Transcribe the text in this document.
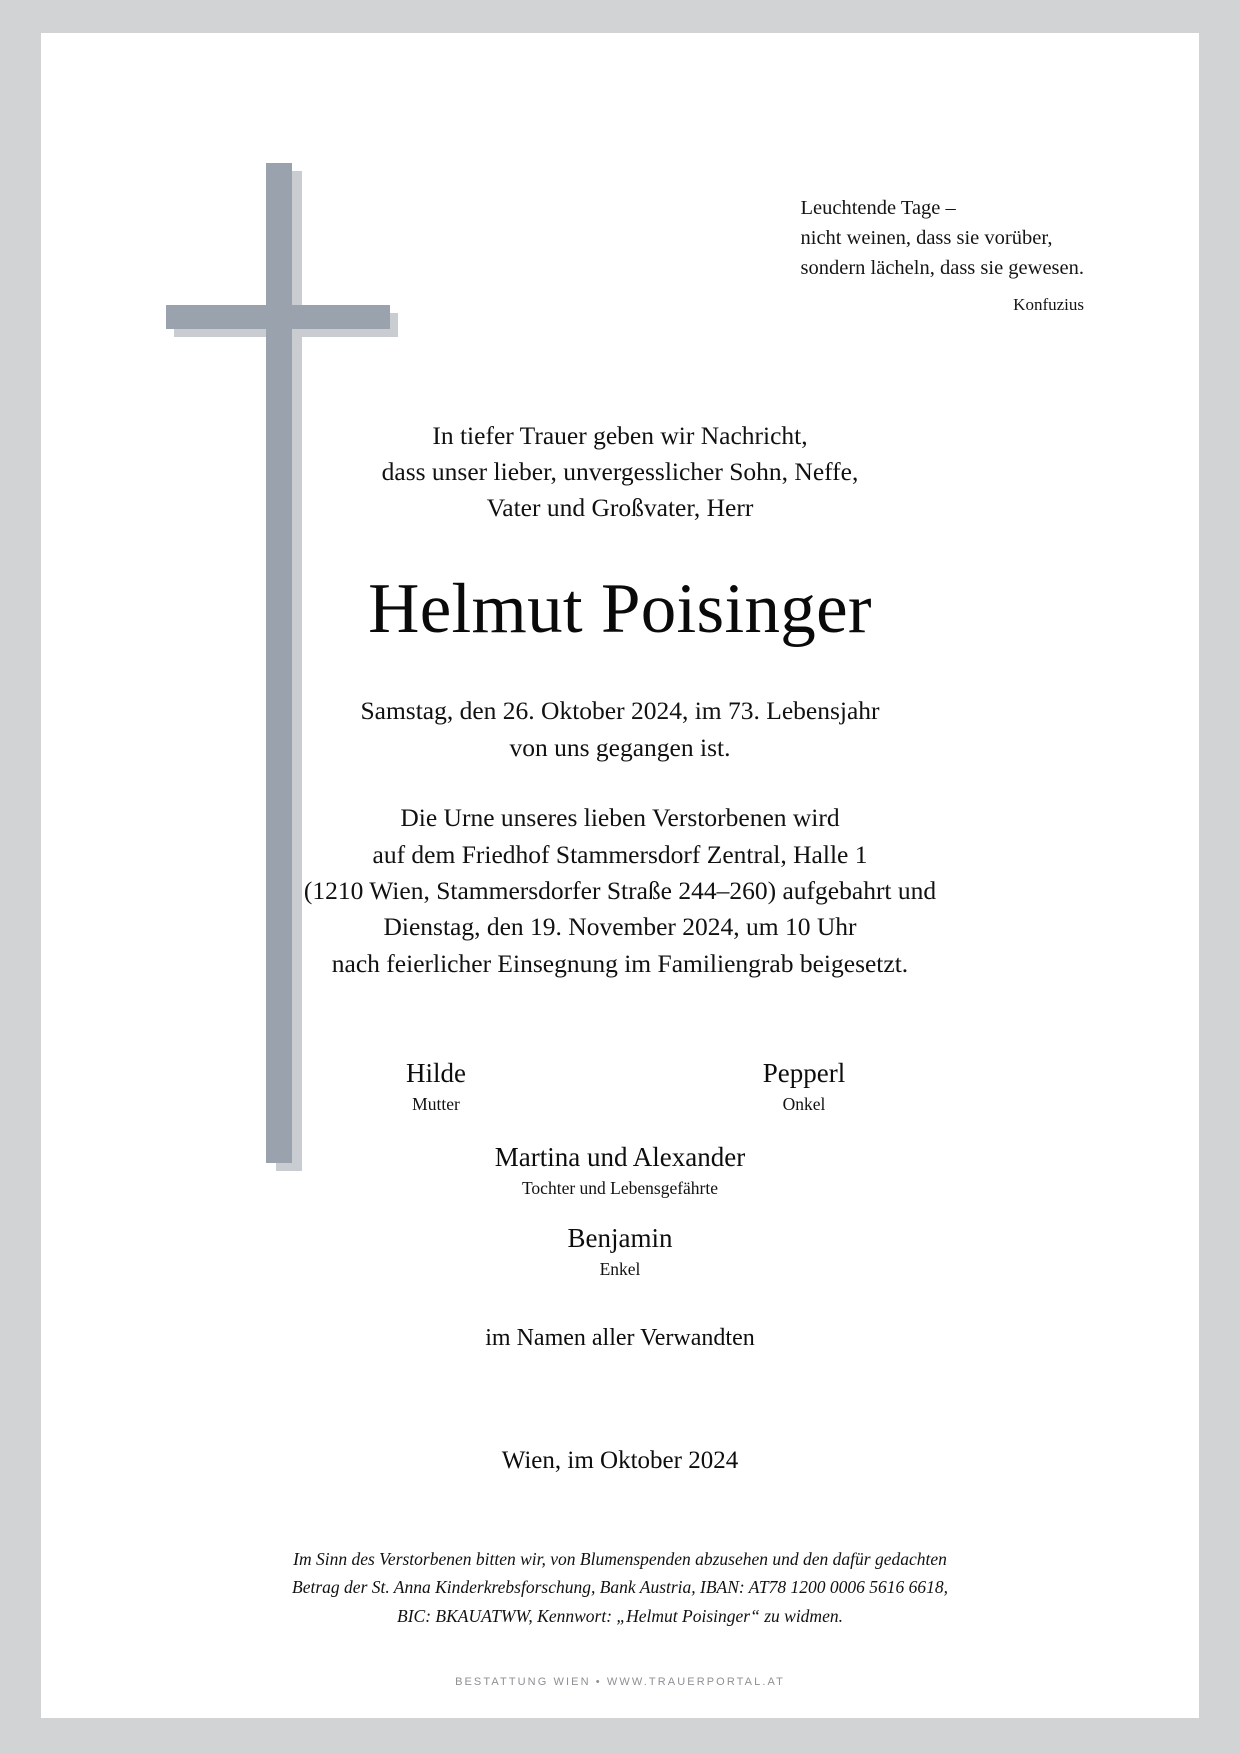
Leuchtende Tage –
nicht weinen, dass sie vorüber,
sondern lächeln, dass sie gewesen.
Konfuzius
In tiefer Trauer geben wir Nachricht,
dass unser lieber, unvergesslicher Sohn, Neffe,
Vater und Großvater, Herr
Helmut Poisinger
Samstag, den 26. Oktober 2024, im 73. Lebensjahr
von uns gegangen ist.
Die Urne unseres lieben Verstorbenen wird
auf dem Friedhof Stammersdorf Zentral, Halle 1
(1210 Wien, Stammersdorfer Straße 244–260) aufgebahrt und
Dienstag, den 19. November 2024, um 10 Uhr
nach feierlicher Einsegnung im Familiengrab beigesetzt.
Hilde
Mutter
Pepperl
Onkel
Martina und Alexander
Tochter und Lebensgefährte
Benjamin
Enkel
im Namen aller Verwandten
Wien, im Oktober 2024
Im Sinn des Verstorbenen bitten wir, von Blumenspenden abzusehen und den dafür gedachten
Betrag der St. Anna Kinderkrebsforschung, Bank Austria, IBAN: AT78 1200 0006 5616 6618,
BIC: BKAUATWW, Kennwort: „Helmut Poisinger“ zu widmen.
BESTATTUNG WIEN • WWW.TRAUERPORTAL.AT
